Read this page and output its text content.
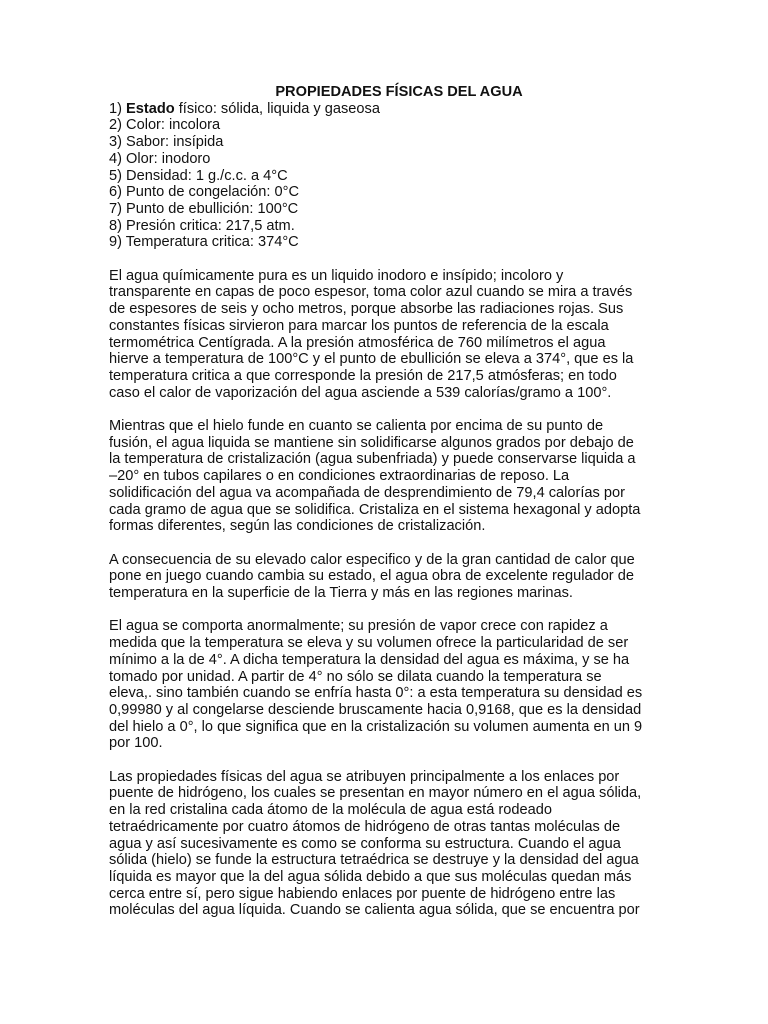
PROPIEDADES FÍSICAS DEL AGUA
1) Estado físico: sólida, liquida y gaseosa
2) Color: incolora
3) Sabor: insípida
4) Olor: inodoro
5) Densidad: 1 g./c.c. a 4°C
6) Punto de congelación: 0°C
7) Punto de ebullición: 100°C
8) Presión critica: 217,5 atm.
9) Temperatura critica: 374°C
El agua químicamente pura es un liquido inodoro e insípido; incoloro y
transparente en capas de poco espesor, toma color azul cuando se mira a través
de espesores de seis y ocho metros, porque absorbe las radiaciones rojas. Sus
constantes físicas sirvieron para marcar los puntos de referencia de la escala
termométrica Centígrada. A la presión atmosférica de 760 milímetros el agua
hierve a temperatura de 100°C y el punto de ebullición se eleva a 374°, que es la
temperatura critica a que corresponde la presión de 217,5 atmósferas; en todo
caso el calor de vaporización del agua asciende a 539 calorías/gramo a 100°.
Mientras que el hielo funde en cuanto se calienta por encima de su punto de
fusión, el agua liquida se mantiene sin solidificarse algunos grados por debajo de
la temperatura de cristalización (agua subenfriada) y puede conservarse liquida a
–20° en tubos capilares o en condiciones extraordinarias de reposo. La
solidificación del agua va acompañada de desprendimiento de 79,4 calorías por
cada gramo de agua que se solidifica. Cristaliza en el sistema hexagonal y adopta
formas diferentes, según las condiciones de cristalización.
A consecuencia de su elevado calor especifico y de la gran cantidad de calor que
pone en juego cuando cambia su estado, el agua obra de excelente regulador de
temperatura en la superficie de la Tierra y más en las regiones marinas.
El agua se comporta anormalmente; su presión de vapor crece con rapidez a
medida que la temperatura se eleva y su volumen ofrece la particularidad de ser
mínimo a la de 4°. A dicha temperatura la densidad del agua es máxima, y se ha
tomado por unidad. A partir de 4° no sólo se dilata cuando la temperatura se
eleva,. sino también cuando se enfría hasta 0°: a esta temperatura su densidad es
0,99980 y al congelarse desciende bruscamente hacia 0,9168, que es la densidad
del hielo a 0°, lo que significa que en la cristalización su volumen aumenta en un 9
por 100.
Las propiedades físicas del agua se atribuyen principalmente a los enlaces por
puente de hidrógeno, los cuales se presentan en mayor número en el agua sólida,
en la red cristalina cada átomo de la molécula de agua está rodeado
tetraédricamente por cuatro átomos de hidrógeno de otras tantas moléculas de
agua y así sucesivamente es como se conforma su estructura. Cuando el agua
sólida (hielo) se funde la estructura tetraédrica se destruye y la densidad del agua
líquida es mayor que la del agua sólida debido a que sus moléculas quedan más
cerca entre sí, pero sigue habiendo enlaces por puente de hidrógeno entre las
moléculas del agua líquida. Cuando se calienta agua sólida, que se encuentra por
